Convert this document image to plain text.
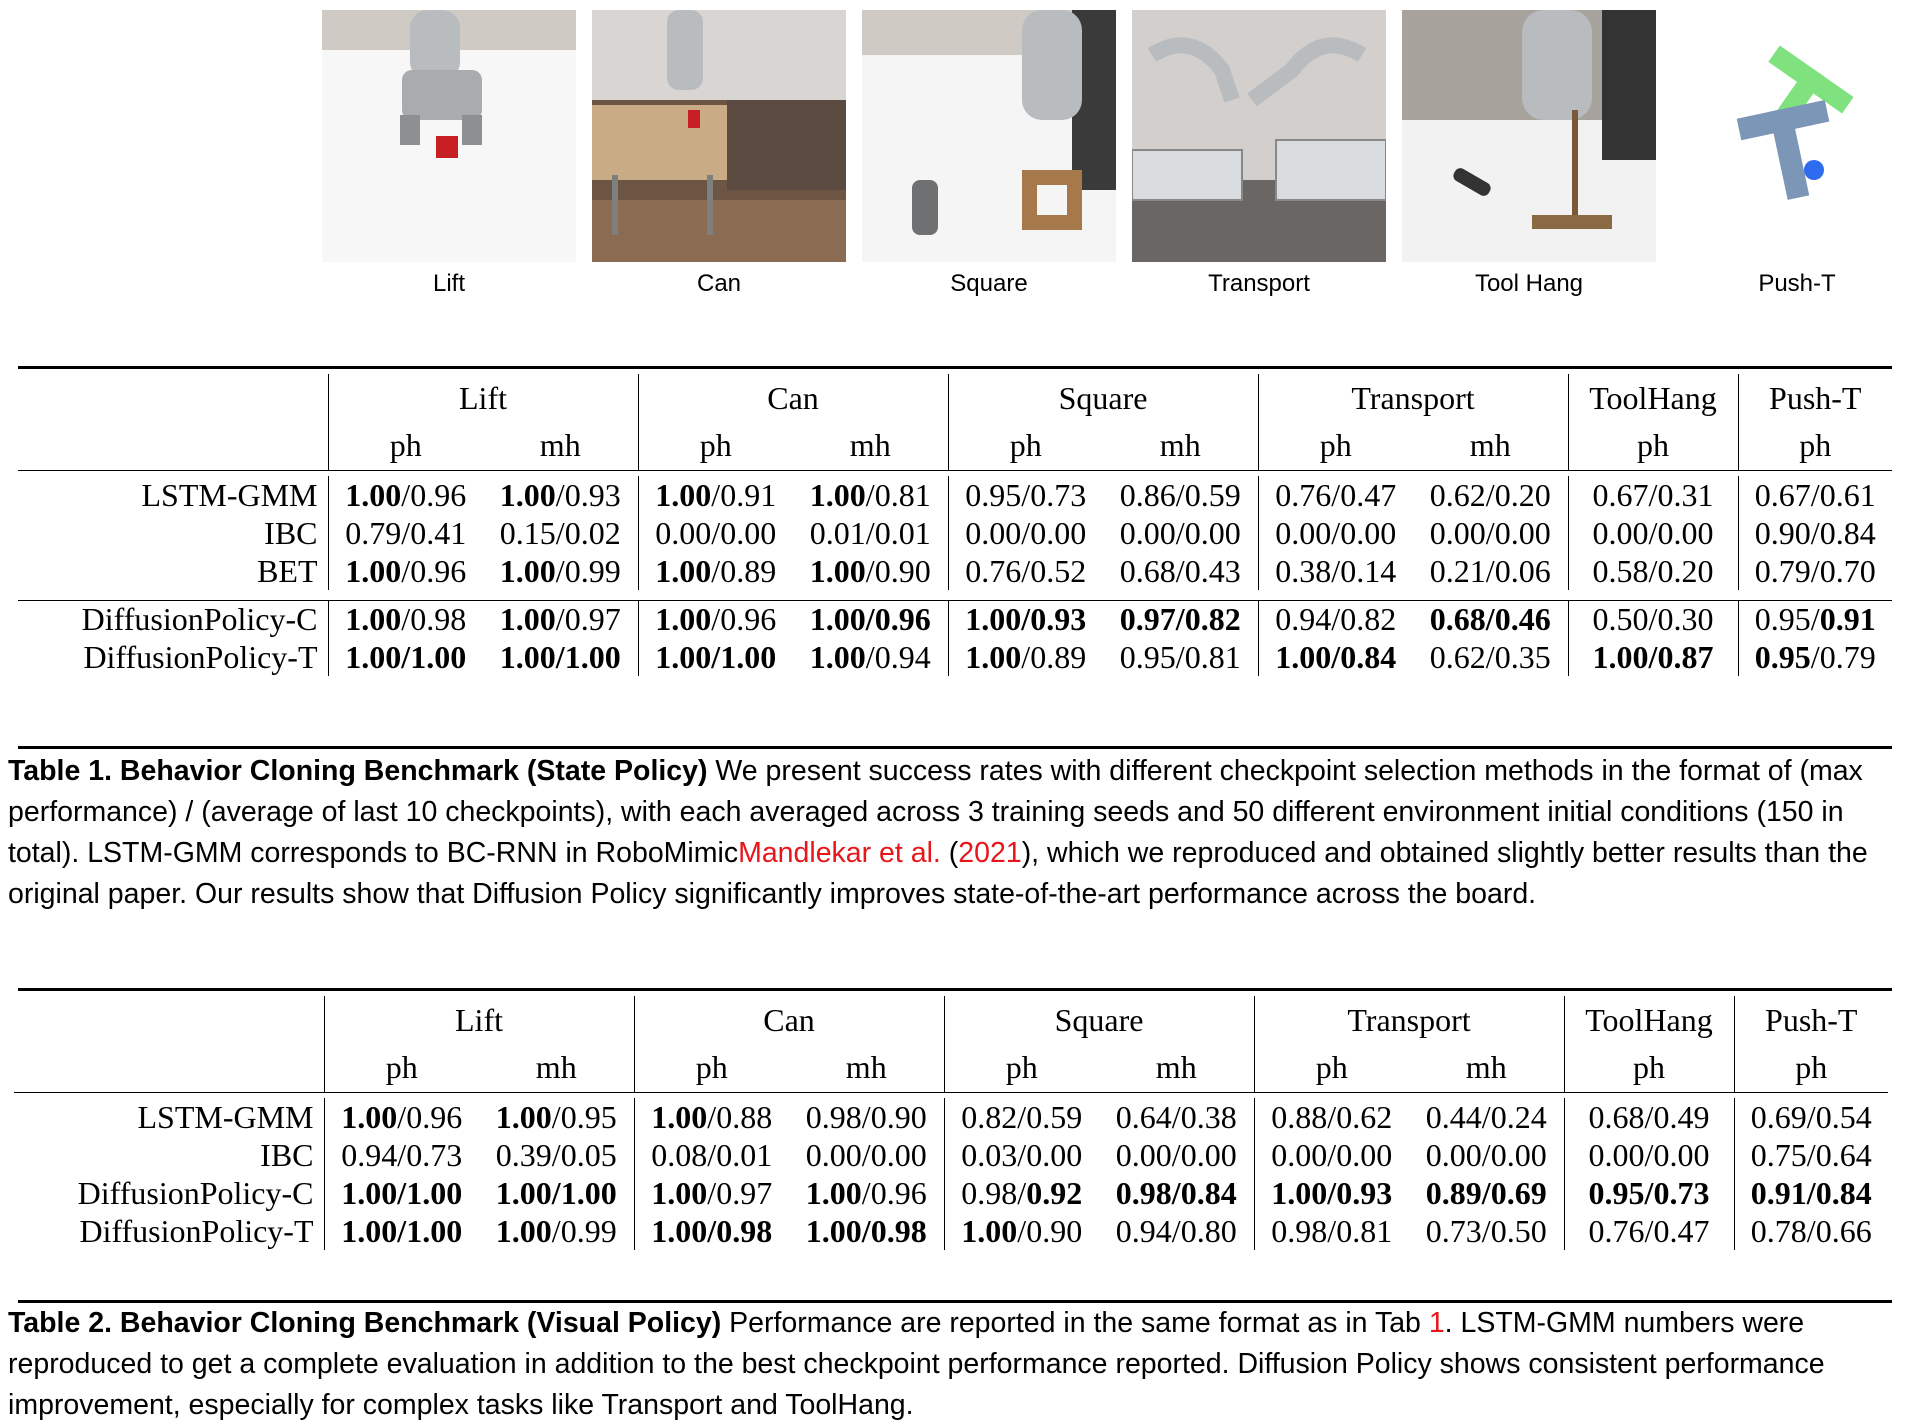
Lift	Can	Square	Transport	Tool Hang	Push-T
	Lift		Can		Square		Transport		ToolHang	Push-T
	ph	mh	ph	mh	ph	mh	ph	mh	ph	ph

LSTM-GMM	1.00/0.96	1.00/0.93	1.00/0.91	1.00/0.81	0.95/0.73	0.86/0.59	0.76/0.47	0.62/0.20	0.67/0.31	0.67/0.61
IBC	0.79/0.41	0.15/0.02	0.00/0.00	0.01/0.01	0.00/0.00	0.00/0.00	0.00/0.00	0.00/0.00	0.00/0.00	0.90/0.84
BET	1.00/0.96	1.00/0.99	1.00/0.89	1.00/0.90	0.76/0.52	0.68/0.43	0.38/0.14	0.21/0.06	0.58/0.20	0.79/0.70

DiffusionPolicy-C	1.00/0.98	1.00/0.97	1.00/0.96	1.00/0.96	1.00/0.93	0.97/0.82	0.94/0.82	0.68/0.46	0.50/0.30	0.95/0.91
DiffusionPolicy-T	1.00/1.00	1.00/1.00	1.00/1.00	1.00/0.94	1.00/0.89	0.95/0.81	1.00/0.84	0.62/0.35	1.00/0.87	0.95/0.79
Table 1. Behavior Cloning Benchmark (State Policy) We present success rates with different checkpoint selection methods in the format of (max performance) / (average of last 10 checkpoints), with each averaged across 3 training seeds and 50 different environment initial conditions (150 in total). LSTM-GMM corresponds to BC-RNN in RoboMimicMandlekar et al. (2021), which we reproduced and obtained slightly better results than the original paper. Our results show that Diffusion Policy significantly improves state-of-the-art performance across the board.
	Lift		Can		Square		Transport		ToolHang	Push-T
	ph	mh	ph	mh	ph	mh	ph	mh	ph	ph

LSTM-GMM	1.00/0.96	1.00/0.95	1.00/0.88	0.98/0.90	0.82/0.59	0.64/0.38	0.88/0.62	0.44/0.24	0.68/0.49	0.69/0.54
IBC	0.94/0.73	0.39/0.05	0.08/0.01	0.00/0.00	0.03/0.00	0.00/0.00	0.00/0.00	0.00/0.00	0.00/0.00	0.75/0.64
DiffusionPolicy-C	1.00/1.00	1.00/1.00	1.00/0.97	1.00/0.96	0.98/0.92	0.98/0.84	1.00/0.93	0.89/0.69	0.95/0.73	0.91/0.84
DiffusionPolicy-T	1.00/1.00	1.00/0.99	1.00/0.98	1.00/0.98	1.00/0.90	0.94/0.80	0.98/0.81	0.73/0.50	0.76/0.47	0.78/0.66
Table 2. Behavior Cloning Benchmark (Visual Policy) Performance are reported in the same format as in Tab 1. LSTM-GMM numbers were reproduced to get a complete evaluation in addition to the best checkpoint performance reported. Diffusion Policy shows consistent performance improvement, especially for complex tasks like Transport and ToolHang.
